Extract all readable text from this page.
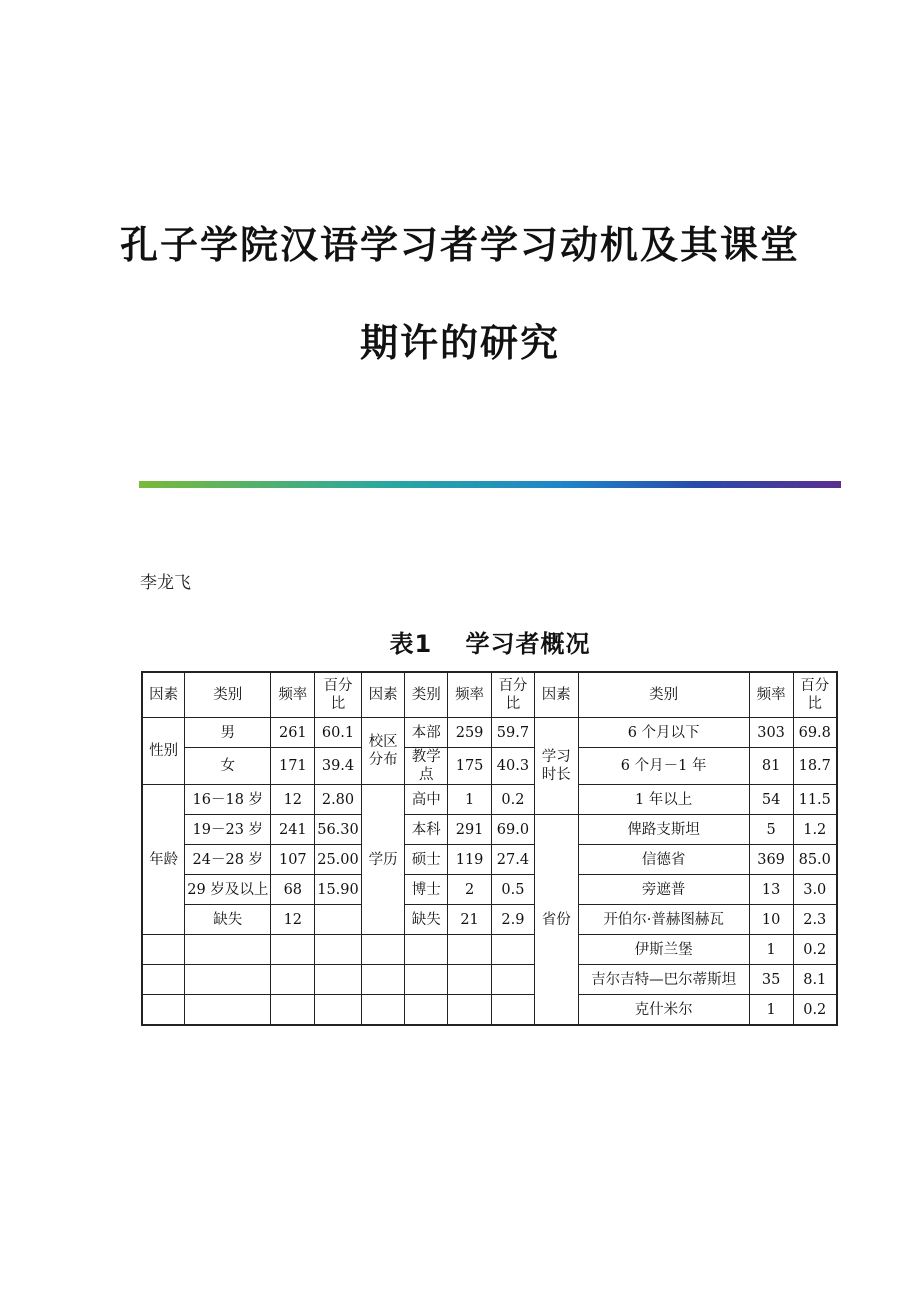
孔子学院汉语学习者学习动机及其课堂
期许的研究
李龙飞
表1 学习者概况
因素	类别	频率	百分比	因素	类别	频率	百分比	因素	类别	频率	百分比
性别	男	261	60.1	校区分布	本部	259	59.7	学习时长	6 个月以下	303	69.8
	女	171	39.4		教学点	175	40.3		6 个月－1 年	81	18.7
年龄	16－18 岁	12	2.80	学历	高中	1	0.2		1 年以上	54	11.5
	19－23 岁	241	56.30		本科	291	69.0	省份	俾路支斯坦	5	1.2
	24－28 岁	107	25.00		硕士	119	27.4		信德省	369	85.0
	29 岁及以上	68	15.90		博士	2	0.5		旁遮普	13	3.0
	缺失	12			缺失	21	2.9		开伯尔·普赫图赫瓦	10	2.3
									伊斯兰堡	1	0.2
									吉尔吉特—巴尔蒂斯坦	35	8.1
									克什米尔	1	0.2
